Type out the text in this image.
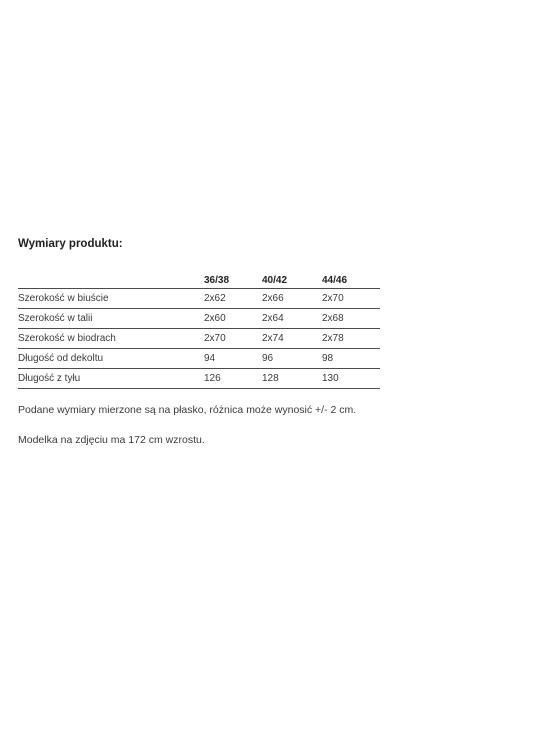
Wymiary produktu:
	36/38	40/42	44/46
Szerokość w biuście	2x62	2x66	2x70
Szerokość w talii	2x60	2x64	2x68
Szerokość w biodrach	2x70	2x74	2x78
Długość od dekoltu	94	96	98
Długość z tyłu	126	128	130

Podane wymiary mierzone są na płasko, różnica może wynosić +/- 2 cm.

Modelka na zdjęciu ma 172 cm wzrostu.
